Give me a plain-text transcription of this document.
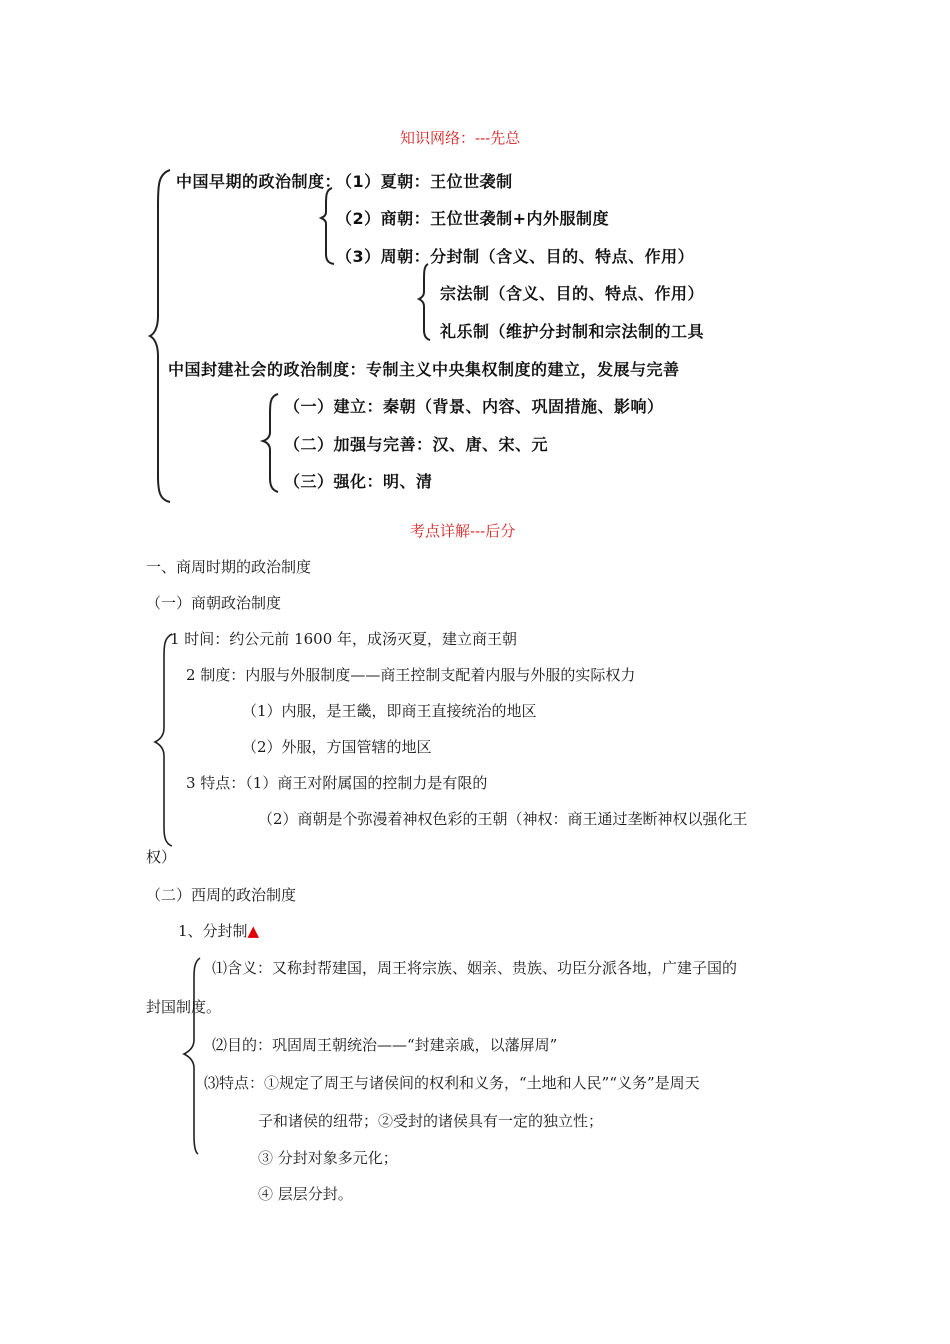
知识网络：---先总
中国早期的政治制度：
（1）夏朝：王位世袭制
（2）商朝：王位世袭制+内外服制度
（3）周朝：分封制（含义、目的、特点、作用）
宗法制（含义、目的、特点、作用）
礼乐制（维护分封制和宗法制的工具
中国封建社会的政治制度：专制主义中央集权制度的建立，发展与完善
（一）建立：秦朝（背景、内容、巩固措施、影响）
（二）加强与完善：汉、唐、宋、元
（三）强化：明、清
考点详解---后分
一、商周时期的政治制度
（一）商朝政治制度
1 时间：约公元前 1600 年，成汤灭夏，建立商王朝
2 制度：内服与外服制度——商王控制支配着内服与外服的实际权力
（1）内服，是王畿，即商王直接统治的地区
（2）外服，方国管辖的地区
3 特点：（1）商王对附属国的控制力是有限的
（2）商朝是个弥漫着神权色彩的王朝（神权：商王通过垄断神权以强化王
权）
（二）西周的政治制度
1、分封制▲
⑴含义：又称封帮建国，周王将宗族、姻亲、贵族、功臣分派各地，广建子国的
封国制度。
⑵目的：巩固周王朝统治——“封建亲戚，以藩屏周”
⑶特点：①规定了周王与诸侯间的权利和义务，“土地和人民”“义务”是周天
子和诸侯的纽带；②受封的诸侯具有一定的独立性；
③ 分封对象多元化；
④ 层层分封。
